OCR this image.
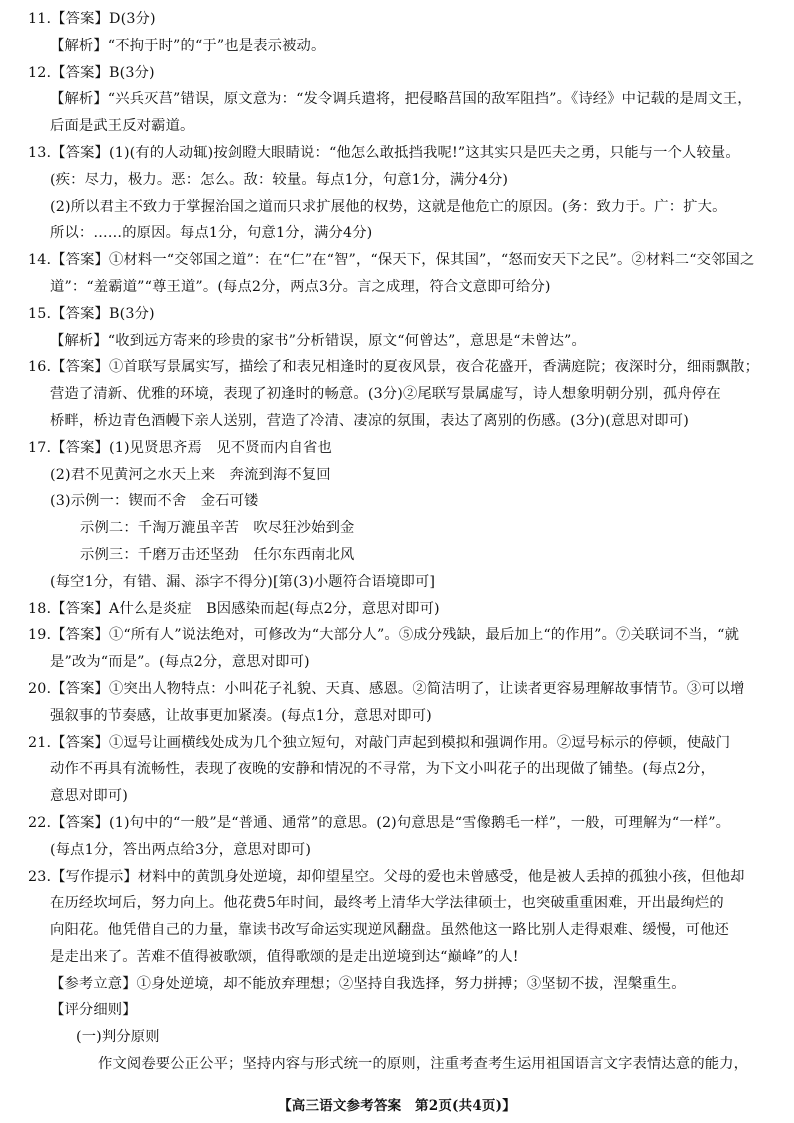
11.【答案】D(3分)
【解析】“不拘于时”的“于”也是表示被动。
12.【答案】B(3分)
【解析】“兴兵灭莒”错误，原文意为：“发令调兵遣将，把侵略莒国的敌军阻挡”。《诗经》中记载的是周文王，
后面是武王反对霸道。
13.【答案】(1)(有的人动辄)按剑瞪大眼睛说：“他怎么敢抵挡我呢!”这其实只是匹夫之勇，只能与一个人较量。
(疾：尽力，极力。恶：怎么。敌：较量。每点1分，句意1分，满分4分)
(2)所以君主不致力于掌握治国之道而只求扩展他的权势，这就是他危亡的原因。(务：致力于。广：扩大。
所以：……的原因。每点1分，句意1分，满分4分)
14.【答案】①材料一“交邻国之道”：在“仁”在“智”，“保天下，保其国”，“怒而安天下之民”。②材料二“交邻国之
道”：“羞霸道”“尊王道”。(每点2分，两点3分。言之成理，符合文意即可给分)
15.【答案】B(3分)
【解析】“收到远方寄来的珍贵的家书”分析错误，原文“何曾达”，意思是“未曾达”。
16.【答案】①首联写景属实写，描绘了和表兄相逢时的夏夜风景，夜合花盛开，香满庭院；夜深时分，细雨飘散；
营造了清新、优雅的环境，表现了初逢时的畅意。(3分)②尾联写景属虚写，诗人想象明朝分别，孤舟停在
桥畔，桥边青色酒幔下亲人送别，营造了冷清、凄凉的氛围，表达了离别的伤感。(3分)(意思对即可)
17.【答案】(1)见贤思齐焉　见不贤而内自省也
(2)君不见黄河之水天上来　奔流到海不复回
(3)示例一：锲而不舍　金石可镂
示例二：千淘万漉虽辛苦　吹尽狂沙始到金
示例三：千磨万击还坚劲　任尔东西南北风
(每空1分，有错、漏、添字不得分)[第(3)小题符合语境即可]
18.【答案】A什么是炎症　B因感染而起(每点2分，意思对即可)
19.【答案】①“所有人”说法绝对，可修改为“大部分人”。⑤成分残缺，最后加上“的作用”。⑦关联词不当，“就
是”改为“而是”。(每点2分，意思对即可)
20.【答案】①突出人物特点：小叫花子礼貌、天真、感恩。②简洁明了，让读者更容易理解故事情节。③可以增
强叙事的节奏感，让故事更加紧凑。(每点1分，意思对即可)
21.【答案】①逗号让画横线处成为几个独立短句，对敲门声起到模拟和强调作用。②逗号标示的停顿，使敲门
动作不再具有流畅性，表现了夜晚的安静和情况的不寻常，为下文小叫花子的出现做了铺垫。(每点2分，
意思对即可)
22.【答案】(1)句中的“一般”是“普通、通常”的意思。(2)句意思是“雪像鹅毛一样”，一般，可理解为“一样”。
(每点1分，答出两点给3分，意思对即可)
23.【写作提示】材料中的黄凯身处逆境，却仰望星空。父母的爱也未曾感受，他是被人丢掉的孤独小孩，但他却
在历经坎坷后，努力向上。他花费5年时间，最终考上清华大学法律硕士，也突破重重困难，开出最绚烂的
向阳花。他凭借自己的力量，靠读书改写命运实现逆风翻盘。虽然他这一路比别人走得艰难、缓慢，可他还
是走出来了。苦难不值得被歌颂，值得歌颂的是走出逆境到达“巅峰”的人!
【参考立意】①身处逆境，却不能放弃理想；②坚持自我选择，努力拼搏；③坚韧不拔，涅槃重生。
【评分细则】
(一)判分原则
作文阅卷要公正公平；坚持内容与形式统一的原则，注重考查考生运用祖国语言文字表情达意的能力，
【高三语文参考答案　第2页(共4页)】
